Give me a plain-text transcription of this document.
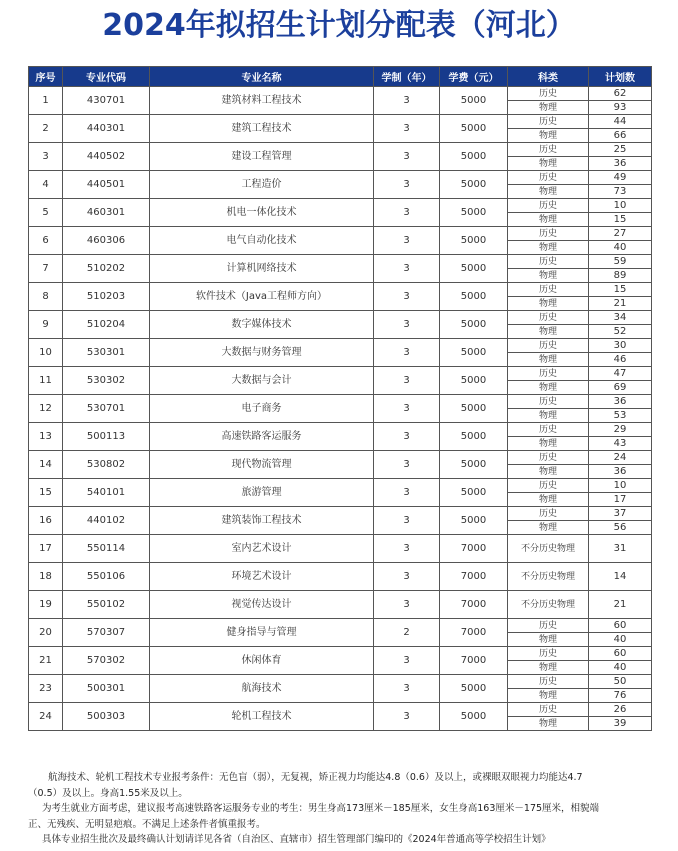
2024年拟招生计划分配表（河北）
序号	专业代码	专业名称	学制（年）	学费（元）	科类	计划数
1	430701	建筑材料工程技术	3	5000	历史	62
					物理	93
2	440301	建筑工程技术	3	5000	历史	44
					物理	66
3	440502	建设工程管理	3	5000	历史	25
					物理	36
4	440501	工程造价	3	5000	历史	49
					物理	73
5	460301	机电一体化技术	3	5000	历史	10
					物理	15
6	460306	电气自动化技术	3	5000	历史	27
					物理	40
7	510202	计算机网络技术	3	5000	历史	59
					物理	89
8	510203	软件技术（Java工程师方向）	3	5000	历史	15
					物理	21
9	510204	数字媒体技术	3	5000	历史	34
					物理	52
10	530301	大数据与财务管理	3	5000	历史	30
					物理	46
11	530302	大数据与会计	3	5000	历史	47
					物理	69
12	530701	电子商务	3	5000	历史	36
					物理	53
13	500113	高速铁路客运服务	3	5000	历史	29
					物理	43
14	530802	现代物流管理	3	5000	历史	24
					物理	36
15	540101	旅游管理	3	5000	历史	10
					物理	17
16	440102	建筑装饰工程技术	3	5000	历史	37
					物理	56
17	550114	室内艺术设计	3	7000	不分历史物理	31
18	550106	环境艺术设计	3	7000	不分历史物理	14
19	550102	视觉传达设计	3	7000	不分历史物理	21
20	570307	健身指导与管理	2	7000	历史	60
					物理	40
21	570302	休闲体育	3	7000	历史	60
					物理	40
23	500301	航海技术	3	5000	历史	50
					物理	76
24	500303	轮机工程技术	3	5000	历史	26
					物理	39

航海技术、轮机工程技术专业报考条件：无色盲（弱），无复视，矫正视力均能达4.8（0.6）及以上，或裸眼双眼视力均能达4.7

（0.5）及以上。身高1.55米及以上。

为考生就业方面考虑，建议报考高速铁路客运服务专业的考生：男生身高173厘米－185厘米，女生身高163厘米－175厘米，相貌端

正、无残疾、无明显疤痕。不满足上述条件者慎重报考。

具体专业招生批次及最终确认计划请详见各省（自治区、直辖市）招生管理部门编印的《2024年普通高等学校招生计划》
